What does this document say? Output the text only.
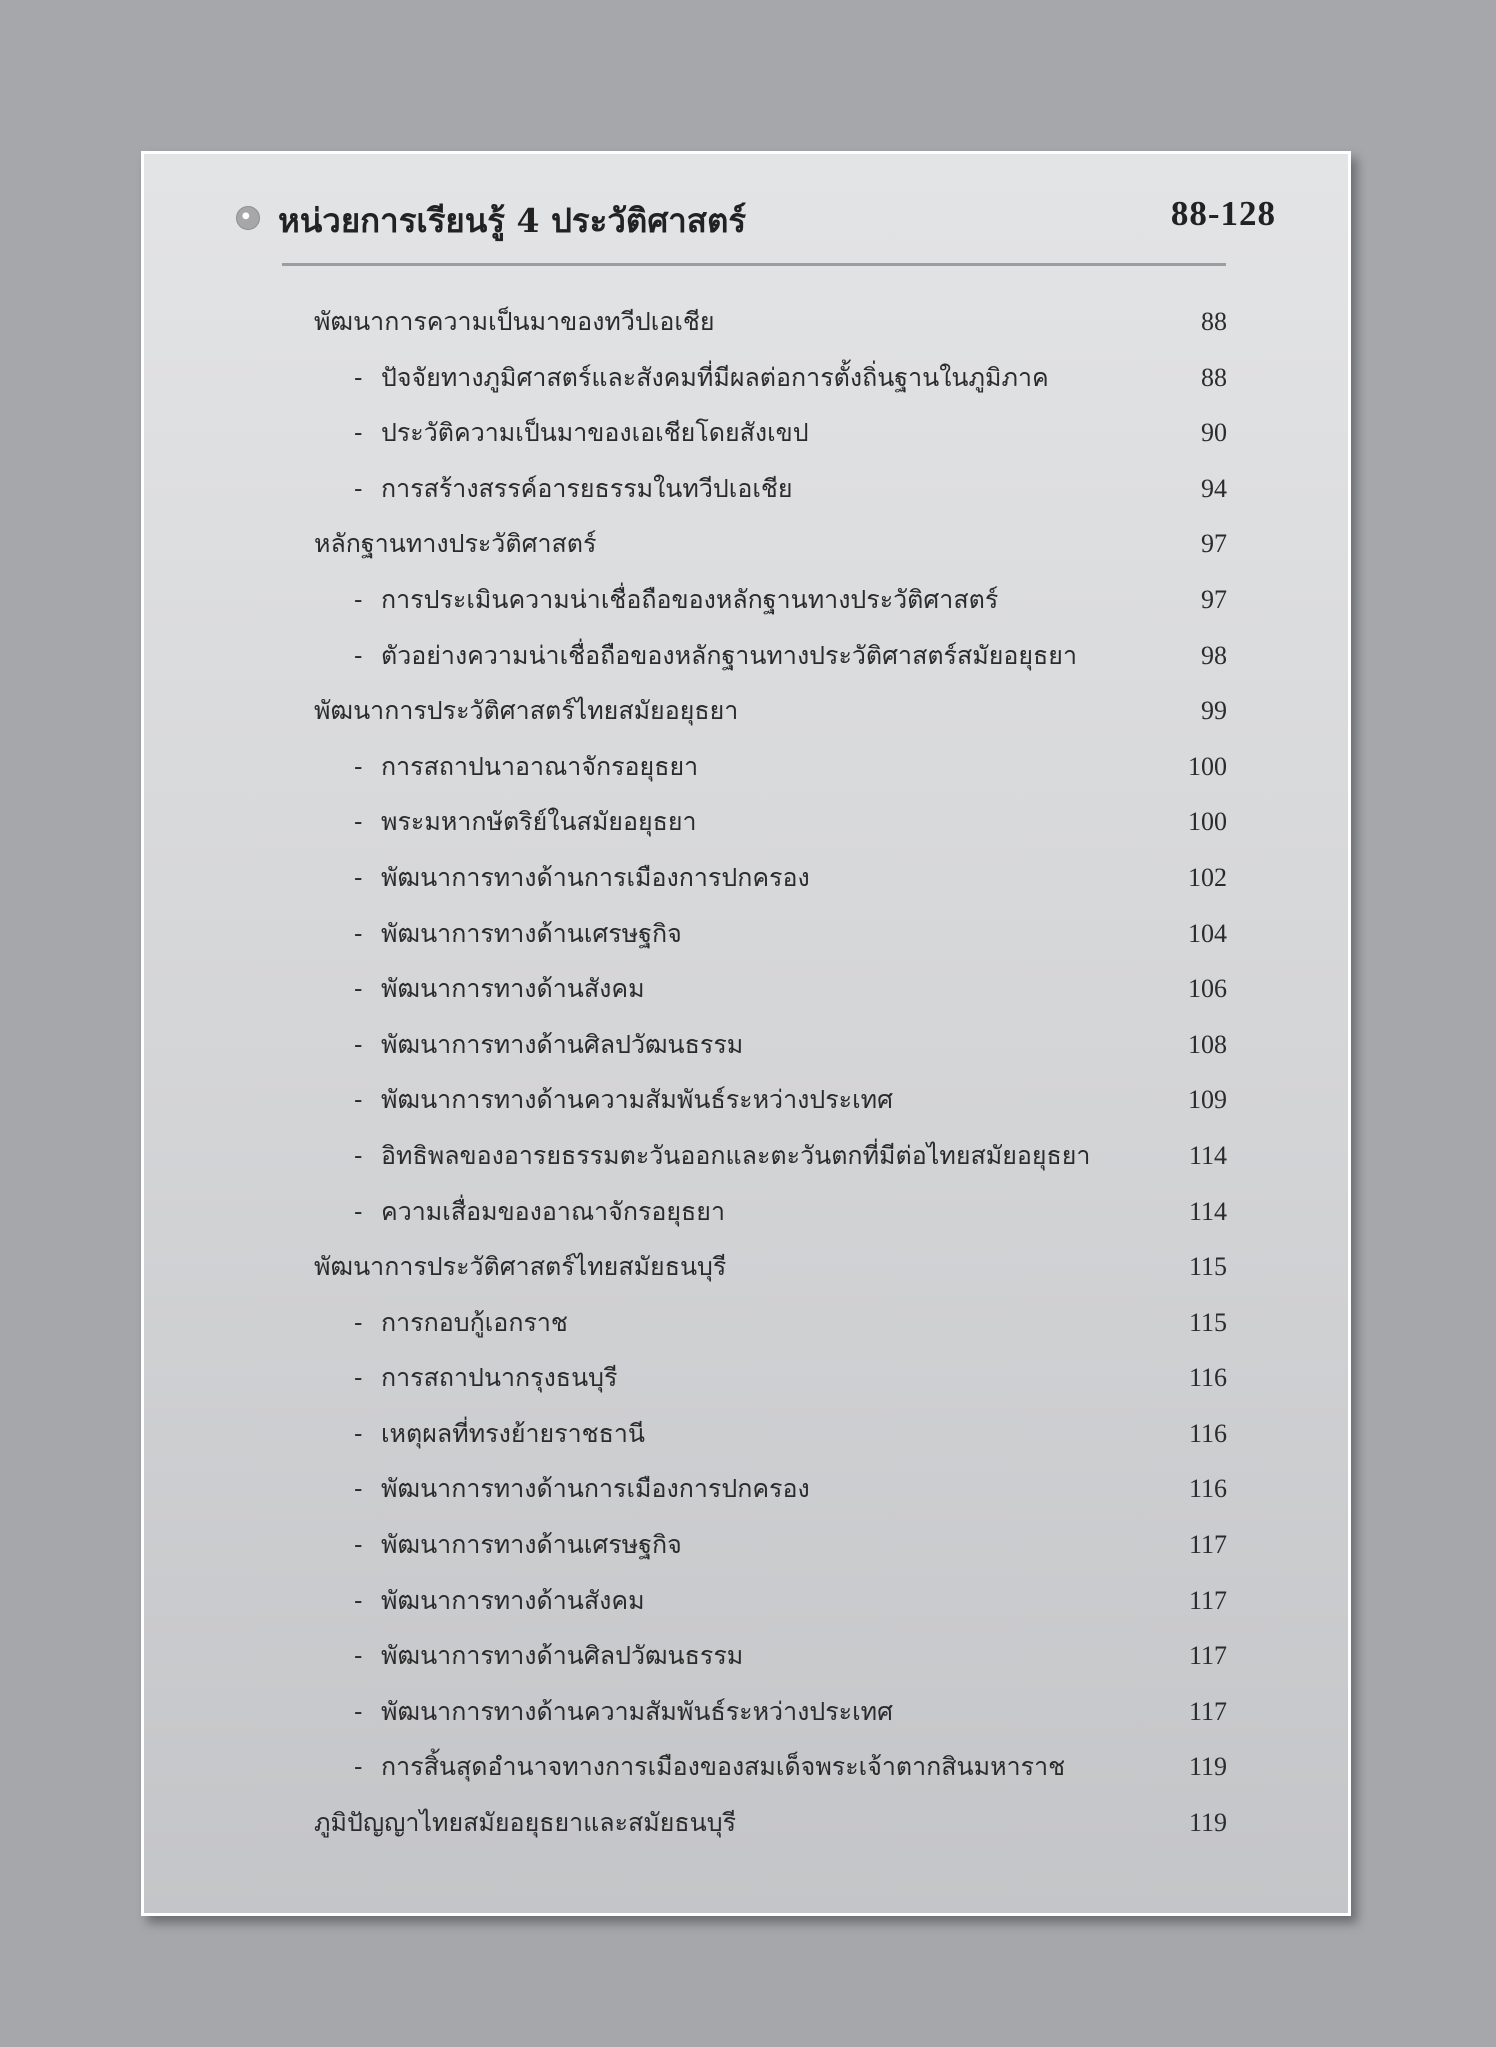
หน่วยการเรียนรู้ 4 ประวัติศาสตร์	88-128
พัฒนาการความเป็นมาของทวีปเอเชีย	88
- ปัจจัยทางภูมิศาสตร์และสังคมที่มีผลต่อการตั้งถิ่นฐานในภูมิภาค	88
- ประวัติความเป็นมาของเอเชียโดยสังเขป	90
- การสร้างสรรค์อารยธรรมในทวีปเอเชีย	94
หลักฐานทางประวัติศาสตร์	97
- การประเมินความน่าเชื่อถือของหลักฐานทางประวัติศาสตร์	97
- ตัวอย่างความน่าเชื่อถือของหลักฐานทางประวัติศาสตร์สมัยอยุธยา	98
พัฒนาการประวัติศาสตร์ไทยสมัยอยุธยา	99
- การสถาปนาอาณาจักรอยุธยา	100
- พระมหากษัตริย์ในสมัยอยุธยา	100
- พัฒนาการทางด้านการเมืองการปกครอง	102
- พัฒนาการทางด้านเศรษฐกิจ	104
- พัฒนาการทางด้านสังคม	106
- พัฒนาการทางด้านศิลปวัฒนธรรม	108
- พัฒนาการทางด้านความสัมพันธ์ระหว่างประเทศ	109
- อิทธิพลของอารยธรรมตะวันออกและตะวันตกที่มีต่อไทยสมัยอยุธยา	114
- ความเสื่อมของอาณาจักรอยุธยา	114
พัฒนาการประวัติศาสตร์ไทยสมัยธนบุรี	115
- การกอบกู้เอกราช	115
- การสถาปนากรุงธนบุรี	116
- เหตุผลที่ทรงย้ายราชธานี	116
- พัฒนาการทางด้านการเมืองการปกครอง	116
- พัฒนาการทางด้านเศรษฐกิจ	117
- พัฒนาการทางด้านสังคม	117
- พัฒนาการทางด้านศิลปวัฒนธรรม	117
- พัฒนาการทางด้านความสัมพันธ์ระหว่างประเทศ	117
- การสิ้นสุดอำนาจทางการเมืองของสมเด็จพระเจ้าตากสินมหาราช	119
ภูมิปัญญาไทยสมัยอยุธยาและสมัยธนบุรี	119
